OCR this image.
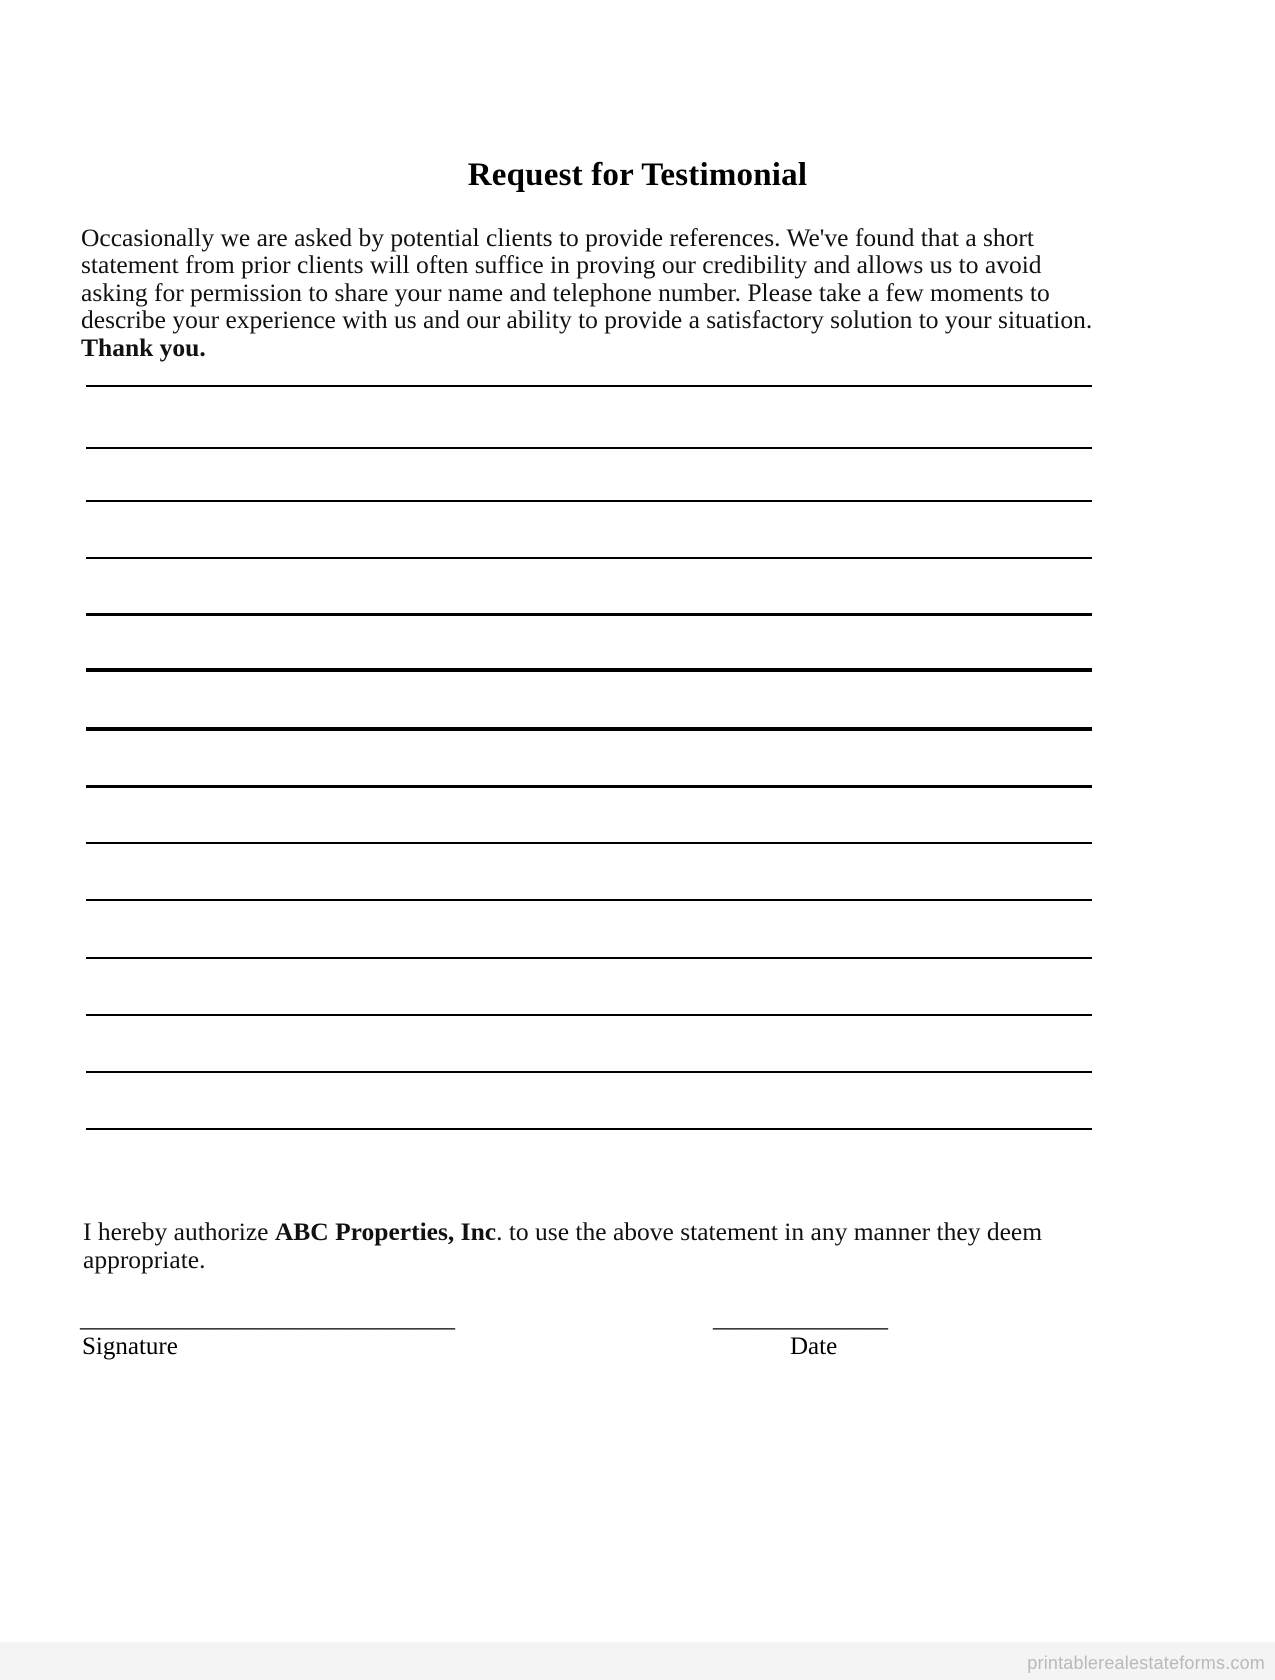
Request for Testimonial

Occasionally we are asked by potential clients to provide references. We've found that a short statement from prior clients will often suffice in proving our credibility and allows us to avoid asking for permission to share your name and telephone number. Please take a few moments to describe your experience with us and our ability to provide a satisfactory solution to your situation. Thank you.

I hereby authorize ABC Properties, Inc. to use the above statement in any manner they deem appropriate.

______________________________
Signature
______________
Date
printablerealestateforms.com
